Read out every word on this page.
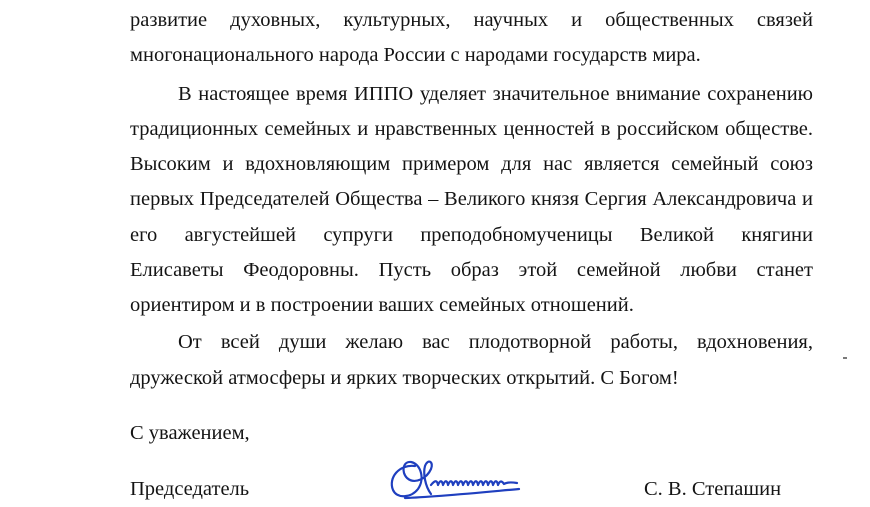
развитие духовных, культурных, научных и общественных связей
многонационального народа России с народами государств мира.
В настоящее время ИППО уделяет значительное внимание сохранению
традиционных семейных и нравственных ценностей в российском обществе.
Высоким и вдохновляющим примером для нас является семейный союз
первых Председателей Общества – Великого князя Сергия Александровича и
его августейшей супруги преподобномученицы Великой княгини
Елисаветы Феодоровны. Пусть образ этой семейной любви станет
ориентиром и в построении ваших семейных отношений.
От всей души желаю вас плодотворной работы, вдохновения,
дружеской атмосферы и ярких творческих открытий. С Богом!
С уважением,
Председатель	С. В. Степашин
